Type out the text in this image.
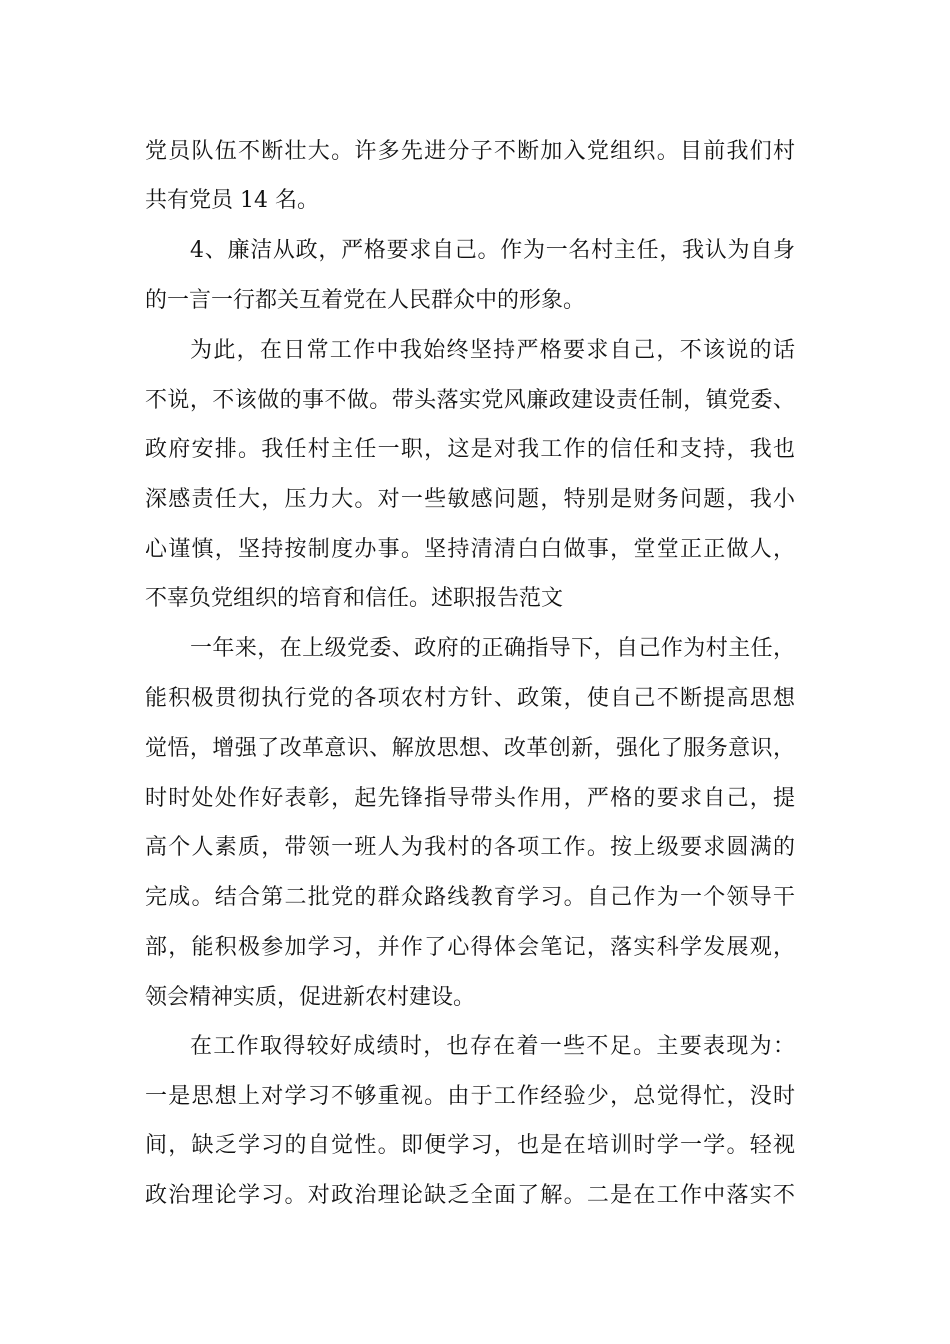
党员队伍不断壮大。许多先进分子不断加入党组织。目前我们村
共有党员 14 名。
4、廉洁从政，严格要求自己。作为一名村主任，我认为自身
的一言一行都关互着党在人民群众中的形象。
为此，在日常工作中我始终坚持严格要求自己，不该说的话
不说，不该做的事不做。带头落实党风廉政建设责任制，镇党委、
政府安排。我任村主任一职，这是对我工作的信任和支持，我也
深感责任大，压力大。对一些敏感问题，特别是财务问题，我小
心谨慎，坚持按制度办事。坚持清清白白做事，堂堂正正做人，
不辜负党组织的培育和信任。述职报告范文
一年来，在上级党委、政府的正确指导下，自己作为村主任，
能积极贯彻执行党的各项农村方针、政策，使自己不断提高思想
觉悟，增强了改革意识、解放思想、改革创新，强化了服务意识，
时时处处作好表彰，起先锋指导带头作用，严格的要求自己，提
高个人素质，带领一班人为我村的各项工作。按上级要求圆满的
完成。结合第二批党的群众路线教育学习。自己作为一个领导干
部，能积极参加学习，并作了心得体会笔记，落实科学发展观，
领会精神实质，促进新农村建设。
在工作取得较好成绩时，也存在着一些不足。主要表现为：
一是思想上对学习不够重视。由于工作经验少，总觉得忙，没时
间，缺乏学习的自觉性。即便学习，也是在培训时学一学。轻视
政治理论学习。对政治理论缺乏全面了解。二是在工作中落实不
